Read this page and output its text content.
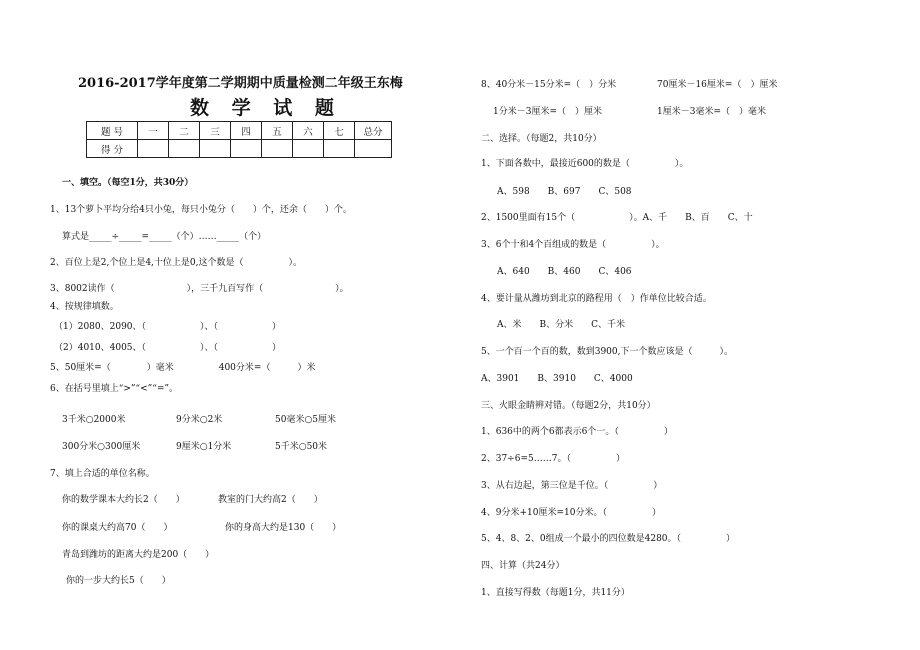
2016-2017学年度第二学期期中质量检测二年级王东梅
数 学 试 题
题 号	一	二	三	四	五	六	七	总分
得 分								
一、填空。（每空1分，共30分）
1、13个萝卜平均分给4只小兔，每只小兔分（　　）个，还余（　　）个。
算式是_____÷_____=_____（个）……_____（个）
2、百位上是2,个位上是4,十位上是0,这个数是（　　　　　）。
3、8002读作（　　　　　　　　），三千九百写作（　　　　　　　　）。
4、按规律填数。
（1）2080、2090、（　　　　　　）、（　　　　　　）
（2）4010、4005、（　　　　　　）、（　　　　　　）
5、50厘米=（　　　　）毫米　　　　　400分米=（　　　）米
6、在括号里填上“>”“<”“=”。
3千米○2000米	9分米○2米	50毫米○5厘米
300分米○300厘米	9厘米○1分米	5千米○50米
7、填上合适的单位名称。
你的数学课本大约长2（　　）	教室的门大约高2（　　）
你的课桌大约高70（　　）	你的身高大约是130（　　）
青岛到潍坊的距离大约是200（　　）
你的一步大约长5（　　）
8、40分米－15分米=（　）分米	70厘米－16厘米=（　）厘米
1分米－3厘米=（　）厘米	1厘米－3毫米=（　）毫米
二、选择。（每题2，共10分）
1、下面各数中，最接近600的数是（　　　　　）。
A、598　　B、697　　C、508
2、1500里面有15个（　　　　　　）。A、千　　B、百　　C、十
3、6个十和4个百组成的数是（　　　　　）。
A、640　　B、460　　C、406
4、要计量从潍坊到北京的路程用（　）作单位比较合适。
A、米　　B、分米　　C、千米
5、一个百一个百的数，数到3900,下一个数应该是（　　　）。
A、3901　　B、3910　　C、4000
三、火眼金睛辨对错。（每题2分，共10分）
1、636中的两个6都表示6个一。（　　　　　）
2、37÷6=5……7。（　　　　　）
3、从右边起，第三位是千位。（　　　　　）
4、9分米+10厘米=10分米。（　　　　　）
5、4、8、2、0组成一个最小的四位数是4280。（　　　　　）
四、计算（共24分）
1、直接写得数（每题1分，共11分）
